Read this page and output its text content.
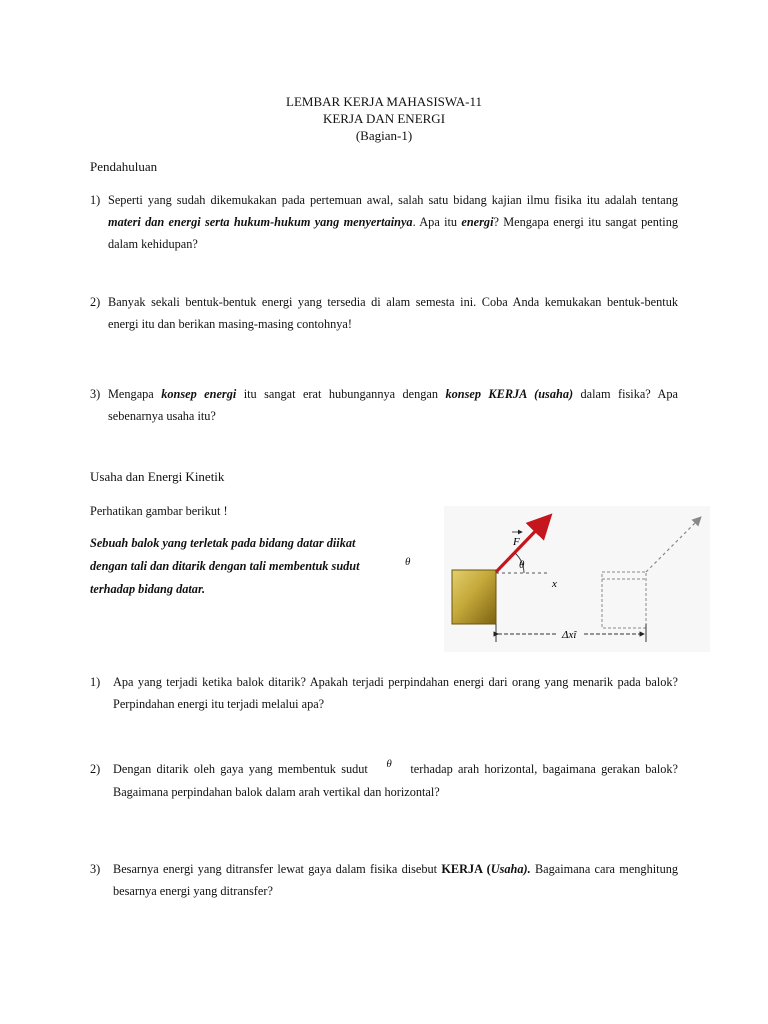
LEMBAR KERJA MAHASISWA-11
KERJA DAN ENERGI
(Bagian-1)
Pendahuluan
1) Seperti yang sudah dikemukakan pada pertemuan awal, salah satu bidang kajian ilmu fisika itu adalah tentang materi dan energi serta hukum-hukum yang menyertainya. Apa itu energi? Mengapa energi itu sangat penting dalam kehidupan?
2) Banyak sekali bentuk-bentuk energi yang tersedia di alam semesta ini. Coba Anda kemukakan bentuk-bentuk energi itu dan berikan masing-masing contohnya!
3) Mengapa konsep energi itu sangat erat hubungannya dengan konsep KERJA (usaha) dalam fisika? Apa sebenarnya usaha itu?
Usaha dan Energi Kinetik
Perhatikan gambar berikut !
Sebuah balok yang terletak pada bidang datar diikat dengan tali dan ditarik dengan tali membentuk sudut terhadap bidang datar.
θ
F
θ
x
Δxî
1) Apa yang terjadi ketika balok ditarik? Apakah terjadi perpindahan energi dari orang yang menarik pada balok? Perpindahan energi itu terjadi melalui apa?
2) Dengan ditarik oleh gaya yang membentuk sudut θ terhadap arah horizontal, bagaimana gerakan balok? Bagaimana perpindahan balok dalam arah vertikal dan horizontal?
3) Besarnya energi yang ditransfer lewat gaya dalam fisika disebut KERJA (Usaha). Bagaimana cara menghitung besarnya energi yang ditransfer?
